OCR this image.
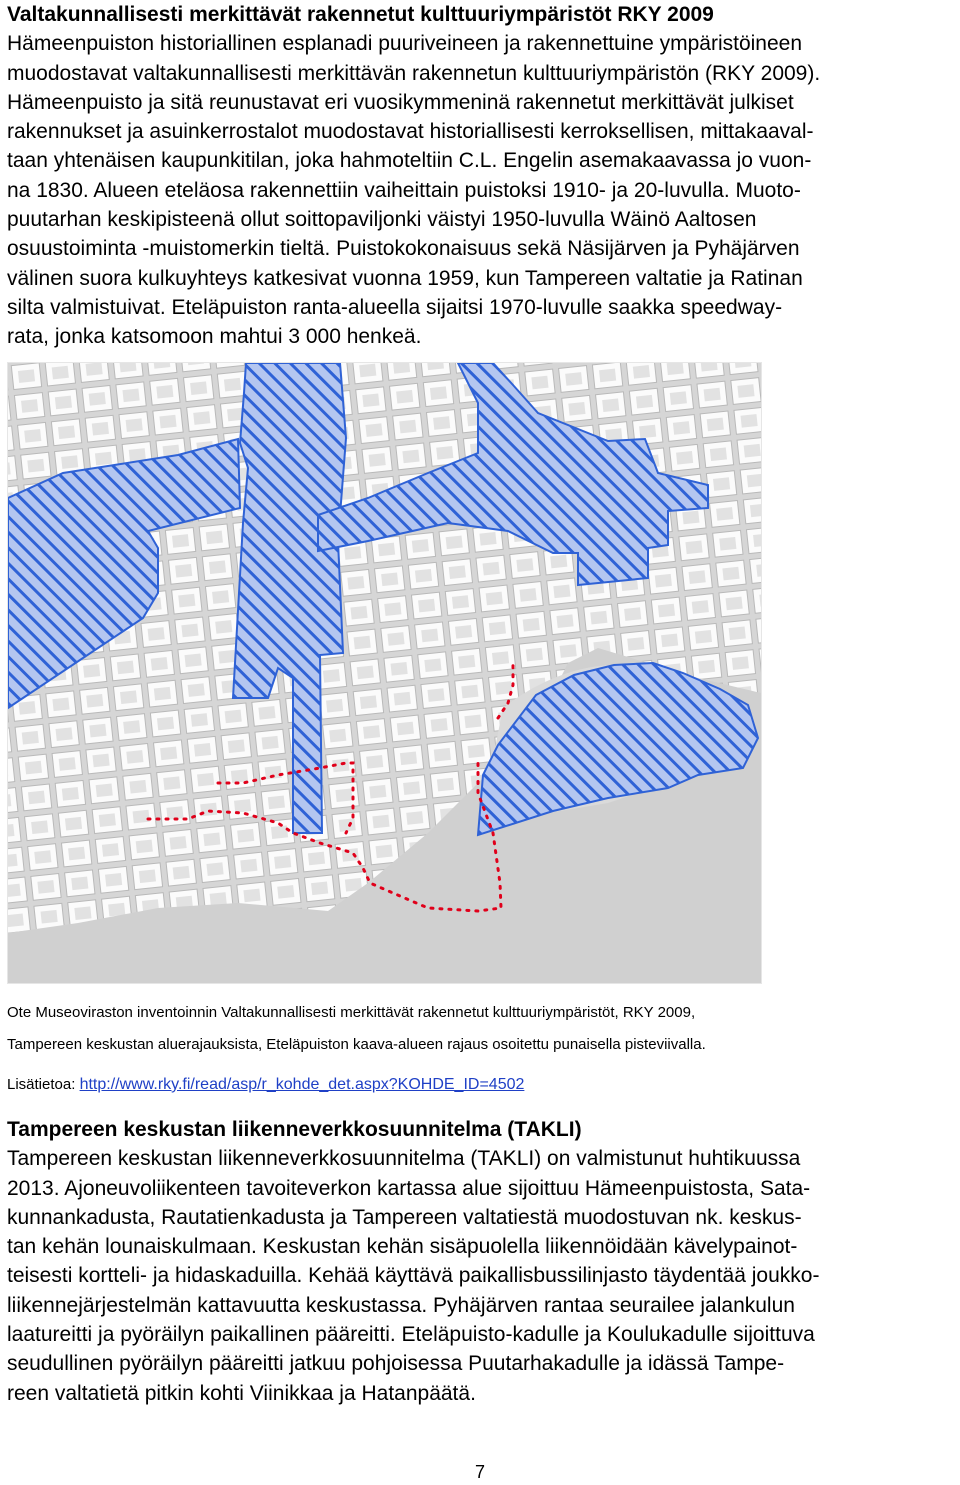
Valtakunnallisesti merkittävät rakennetut kulttuuriympäristöt RKY 2009
Hämeenpuiston historiallinen esplanadi puuriveineen ja rakennettuine ympäristöineen
muodostavat valtakunnallisesti merkittävän rakennetun kulttuuriympäristön (RKY 2009).
Hämeenpuisto ja sitä reunustavat eri vuosikymmeninä rakennetut merkittävät julkiset
rakennukset ja asuinkerrostalot muodostavat historiallisesti kerroksellisen, mittakaaval-
taan yhtenäisen kaupunkitilan, joka hahmoteltiin C.L. Engelin asemakaavassa jo vuon-
na 1830. Alueen eteläosa rakennettiin vaiheittain puistoksi 1910- ja 20-luvulla. Muoto-
puutarhan keskipisteenä ollut soittopaviljonki väistyi 1950-luvulla Wäinö Aaltosen
osuustoiminta -muistomerkin tieltä. Puistokokonaisuus sekä Näsijärven ja Pyhäjärven
välinen suora kulkuyhteys katkesivat vuonna 1959, kun Tampereen valtatie ja Ratinan
silta valmistuivat. Eteläpuiston ranta-alueella sijaitsi 1970-luvulle saakka speedway-
rata, jonka katsomoon mahtui 3 000 henkeä.
Ote Museoviraston inventoinnin Valtakunnallisesti merkittävät rakennetut kulttuuriympäristöt, RKY 2009,
Tampereen keskustan aluerajauksista, Eteläpuiston kaava-alueen rajaus osoitettu punaisella pisteviivalla.
Lisätietoa: http://www.rky.fi/read/asp/r_kohde_det.aspx?KOHDE_ID=4502
Tampereen keskustan liikenneverkkosuunnitelma (TAKLI)
Tampereen keskustan liikenneverkkosuunnitelma (TAKLI) on valmistunut huhtikuussa
2013. Ajoneuvoliikenteen tavoiteverkon kartassa alue sijoittuu Hämeenpuistosta, Sata-
kunnankadusta, Rautatienkadusta ja Tampereen valtatiestä muodostuvan nk. keskus-
tan kehän lounaiskulmaan. Keskustan kehän sisäpuolella liikennöidään kävelypainot-
teisesti kortteli- ja hidaskaduilla. Kehää käyttävä paikallisbussilinjasto täydentää joukko-
liikennejärjestelmän kattavuutta keskustassa. Pyhäjärven rantaa seurailee jalankulun
laatureitti ja pyöräilyn paikallinen pääreitti. Eteläpuisto-kadulle ja Koulukadulle sijoittuva
seudullinen pyöräilyn pääreitti jatkuu pohjoisessa Puutarhakadulle ja idässä Tampe-
reen valtatietä pitkin kohti Viinikkaa ja Hatanpäätä.
7
